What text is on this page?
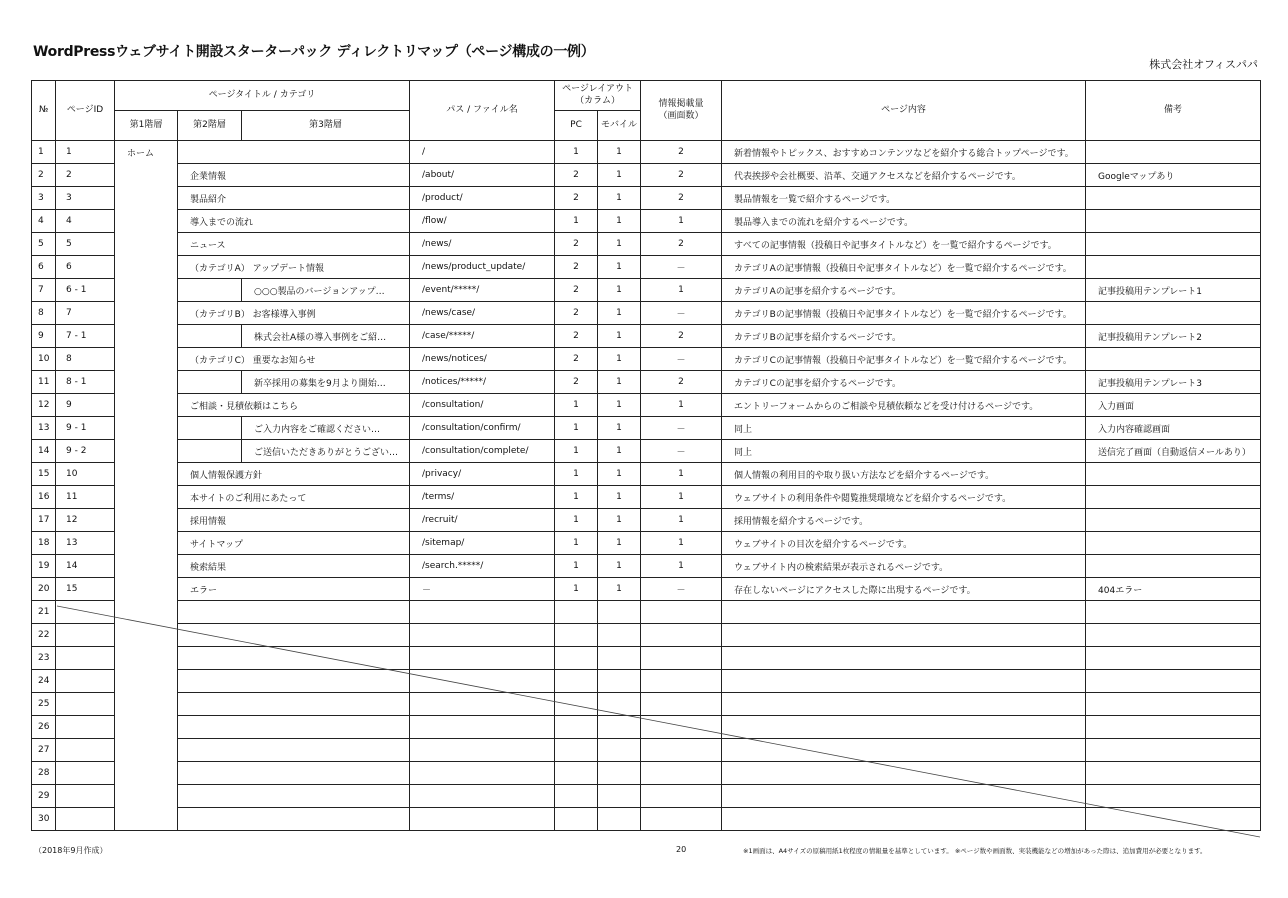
WordPressウェブサイト開設スターターパック ディレクトリマップ（ページ構成の一例）
株式会社オフィスパパ
№	ページID	ページタイトル / カテゴリ			パス / ファイル名	ページレイアウト（カラム）		情報掲載量（画面数）	ページ内容	備考
		第1階層	第2階層	第3階層		PC	モバイル			
1	1	ホーム			/	1	1	2	新着情報やトピックス、おすすめコンテンツなどを紹介する総合トップページです。	
2	2		企業情報		/about/	2	1	2	代表挨拶や会社概要、沿革、交通アクセスなどを紹介するページです。	Googleマップあり
3	3		製品紹介		/product/	2	1	2	製品情報を一覧で紹介するページです。	
4	4		導入までの流れ		/flow/	1	1	1	製品導入までの流れを紹介するページです。	
5	5		ニュース		/news/	2	1	2	すべての記事情報（投稿日や記事タイトルなど）を一覧で紹介するページです。	
6	6		（カテゴリA） アップデート情報		/news/product_update/	2	1	－	カテゴリAの記事情報（投稿日や記事タイトルなど）を一覧で紹介するページです。	
7	6 - 1			○○○製品のバージョンアップ…	/event/*****/	2	1	1	カテゴリAの記事を紹介するページです。	記事投稿用テンプレート1
8	7		（カテゴリB） お客様導入事例		/news/case/	2	1	－	カテゴリBの記事情報（投稿日や記事タイトルなど）を一覧で紹介するページです。	
9	7 - 1			株式会社A様の導入事例をご紹…	/case/*****/	2	1	2	カテゴリBの記事を紹介するページです。	記事投稿用テンプレート2
10	8		（カテゴリC） 重要なお知らせ		/news/notices/	2	1	－	カテゴリCの記事情報（投稿日や記事タイトルなど）を一覧で紹介するページです。	
11	8 - 1			新卒採用の募集を9月より開始…	/notices/*****/	2	1	2	カテゴリCの記事を紹介するページです。	記事投稿用テンプレート3
12	9		ご相談・見積依頼はこちら		/consultation/	1	1	1	エントリーフォームからのご相談や見積依頼などを受け付けるページです。	入力画面
13	9 - 1			ご入力内容をご確認ください…	/consultation/confirm/	1	1	－	同上	入力内容確認画面
14	9 - 2			ご送信いただきありがとうござい…	/consultation/complete/	1	1	－	同上	送信完了画面（自動返信メールあり）
15	10		個人情報保護方針		/privacy/	1	1	1	個人情報の利用目的や取り扱い方法などを紹介するページです。	
16	11		本サイトのご利用にあたって		/terms/	1	1	1	ウェブサイトの利用条件や閲覧推奨環境などを紹介するページです。	
17	12		採用情報		/recruit/	1	1	1	採用情報を紹介するページです。	
18	13		サイトマップ		/sitemap/	1	1	1	ウェブサイトの目次を紹介するページです。	
19	14		検索結果		/search.*****/	1	1	1	ウェブサイト内の検索結果が表示されるページです。	
20	15		エラー		－	1	1	－	存在しないページにアクセスした際に出現するページです。	404エラー
21										
22										
23										
24										
25										
26										
27										
28										
29										
30										
（2018年9月作成）	20	※1画面は、A4サイズの原稿用紙1枚程度の情報量を基準としています。 ※ページ数や画面数、実装機能などの増加があった際は、追加費用が必要となります。
